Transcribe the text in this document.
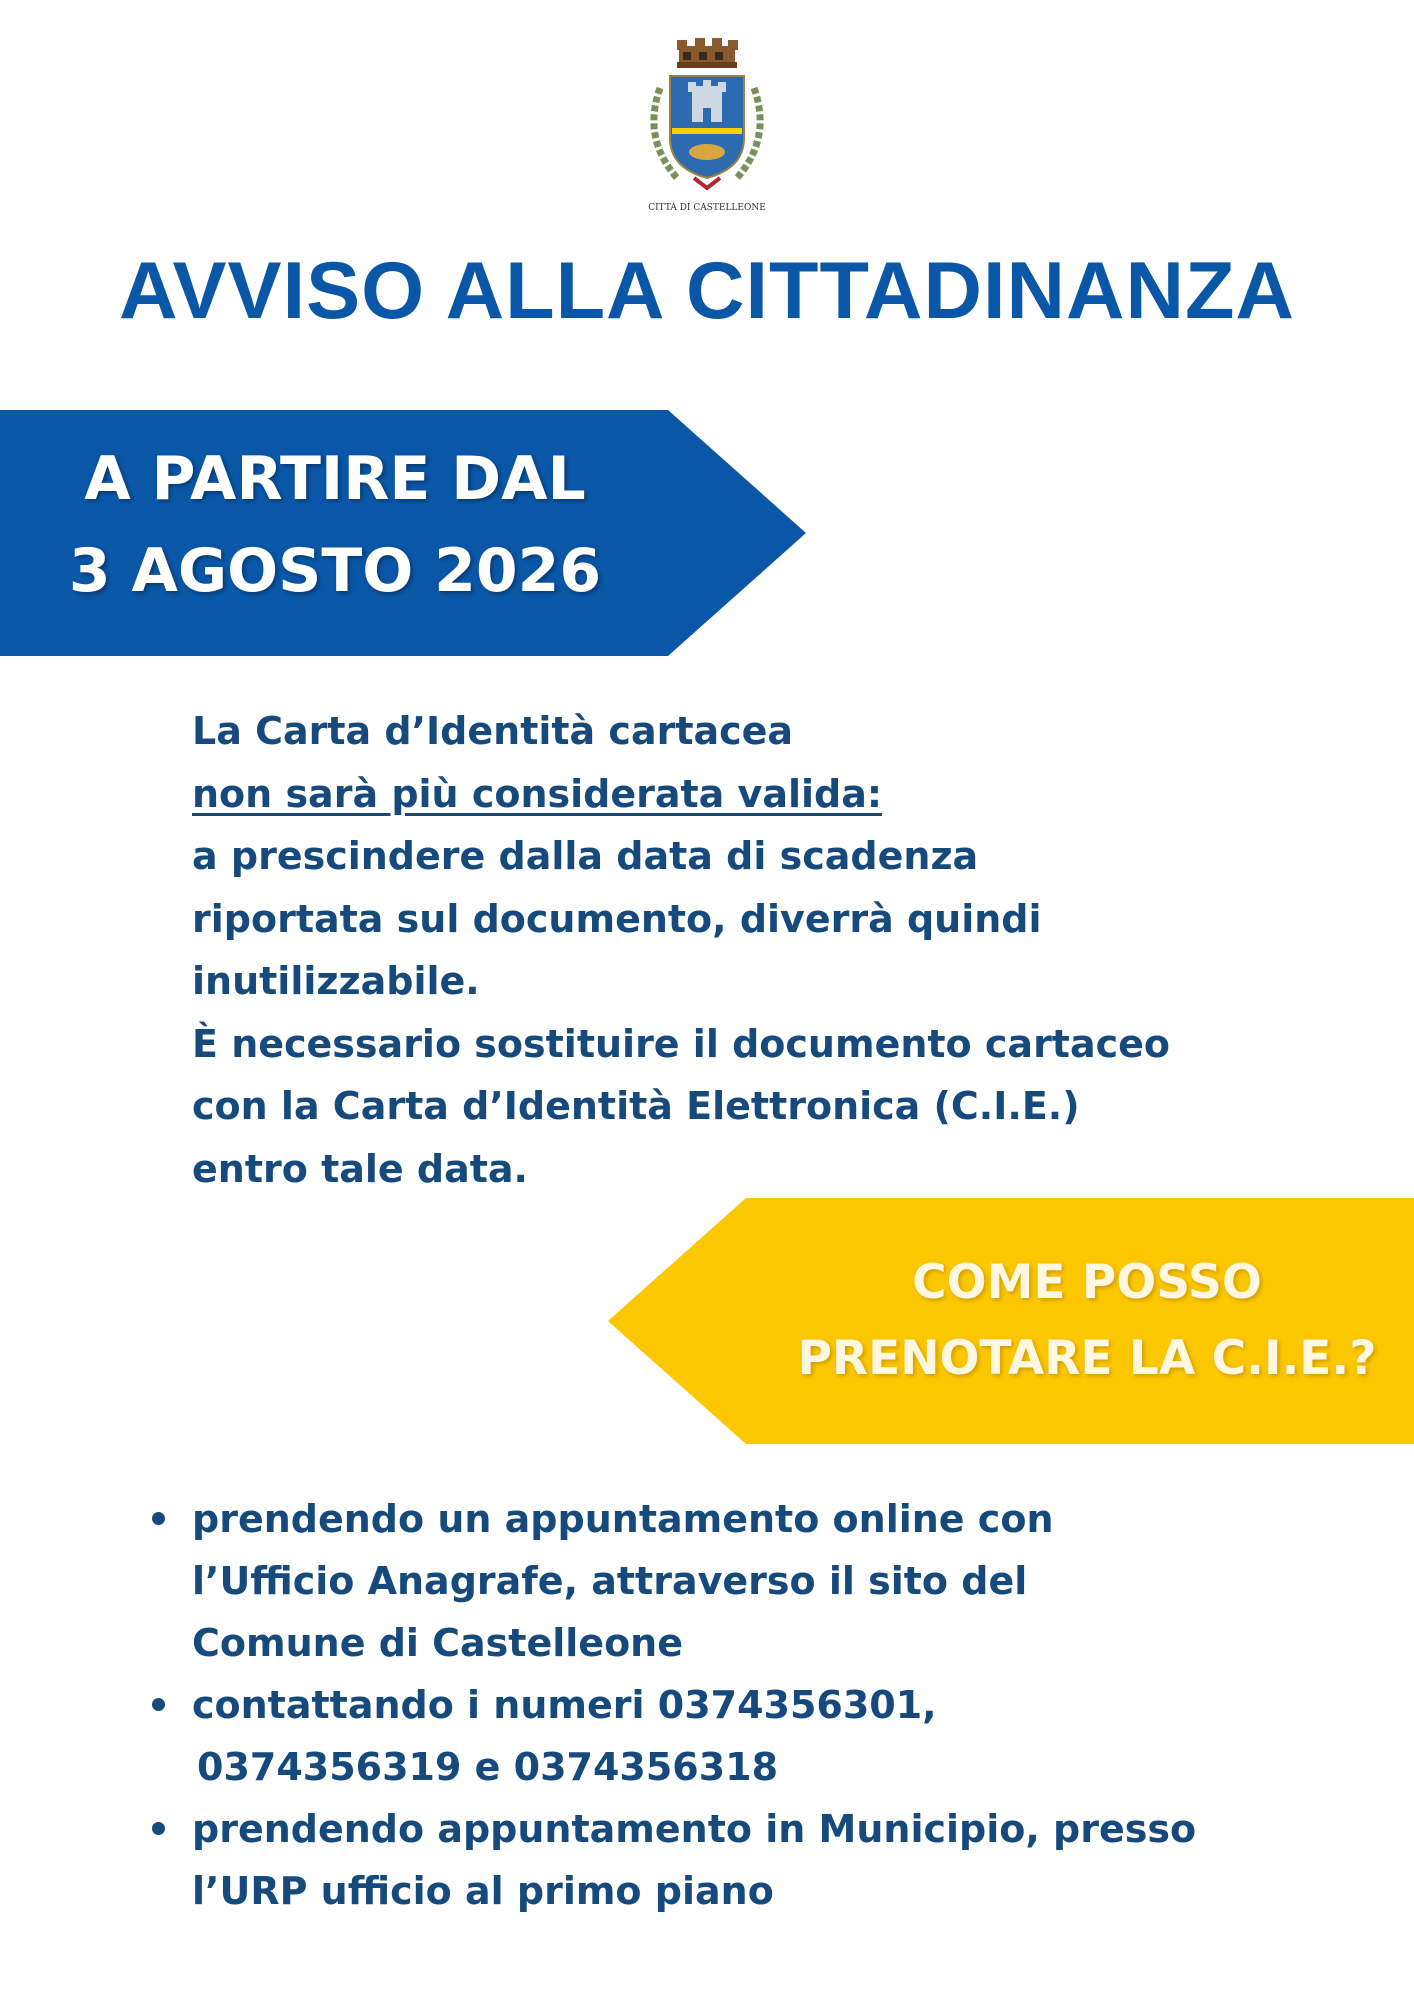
CITTÀ DI CASTELLEONE
AVVISO ALLA CITTADINANZA
A PARTIRE DAL
3 AGOSTO 2026
La Carta d’Identità cartacea
non sarà più considerata valida:
a prescindere dalla data di scadenza
riportata sul documento, diverrà quindi
inutilizzabile.
È necessario sostituire il documento cartaceo
con la Carta d’Identità Elettronica (C.I.E.)
entro tale data.
COME POSSO
PRENOTARE LA C.I.E.?
prendendo un appuntamento online con
l’Ufficio Anagrafe, attraverso il sito del
Comune di Castelleone
contattando i numeri 0374356301,
0374356319 e 0374356318
prendendo appuntamento in Municipio, presso
l’URP ufficio al primo piano
